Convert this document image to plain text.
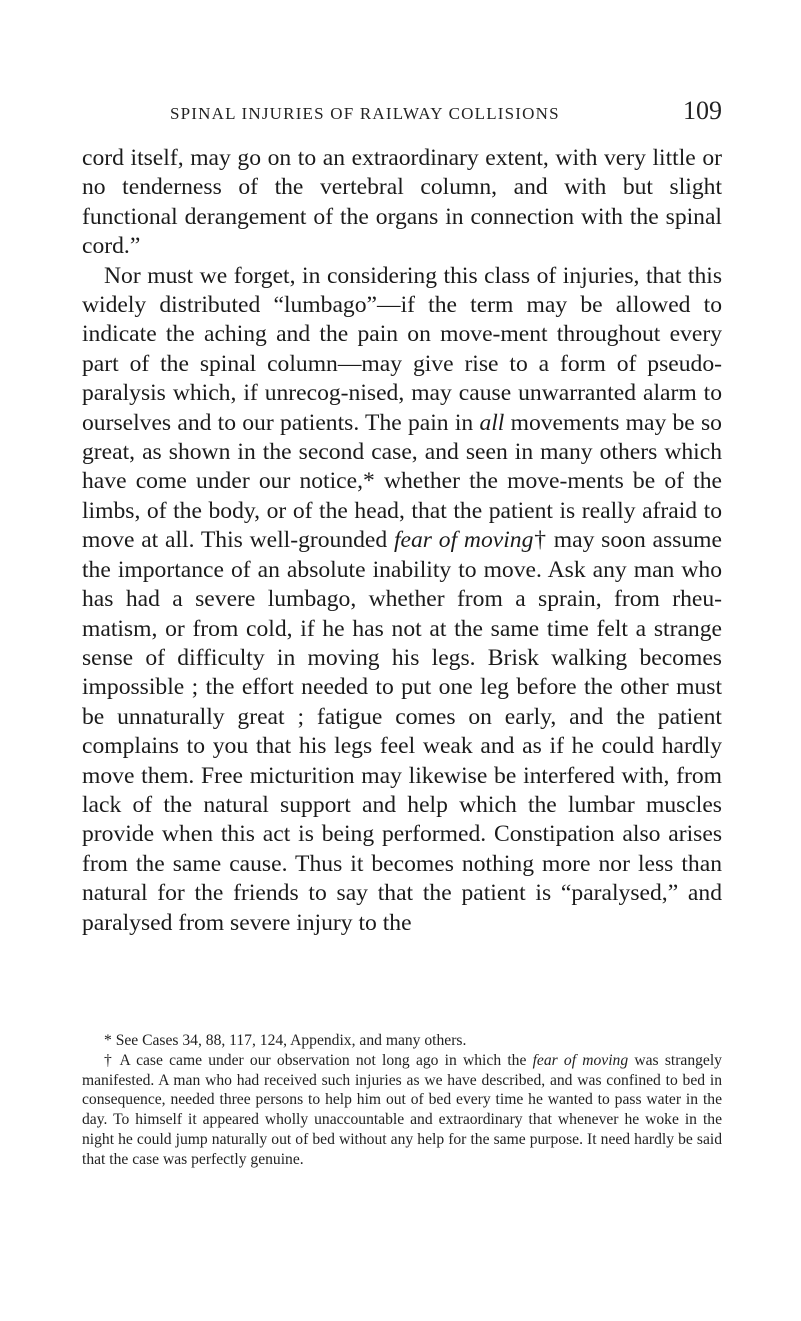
SPINAL INJURIES OF RAILWAY COLLISIONS	109

cord itself, may go on to an extraordinary extent, with very little or no tenderness of the vertebral column, and with but slight functional derangement of the organs in connection with the spinal cord.”

Nor must we forget, in considering this class of injuries, that this widely distributed “lumbago”—if the term may be allowed to indicate the aching and the pain on move-ment throughout every part of the spinal column—may give rise to a form of pseudo-paralysis which, if unrecog-nised, may cause unwarranted alarm to ourselves and to our patients. The pain in all movements may be so great, as shown in the second case, and seen in many others which have come under our notice,* whether the move-ments be of the limbs, of the body, or of the head, that the patient is really afraid to move at all. This well-grounded fear of moving† may soon assume the importance of an absolute inability to move. Ask any man who has had a severe lumbago, whether from a sprain, from rheu-matism, or from cold, if he has not at the same time felt a strange sense of difficulty in moving his legs. Brisk walking becomes impossible ; the effort needed to put one leg before the other must be unnaturally great ; fatigue comes on early, and the patient complains to you that his legs feel weak and as if he could hardly move them. Free micturition may likewise be interfered with, from lack of the natural support and help which the lumbar muscles provide when this act is being performed. Constipation also arises from the same cause. Thus it becomes nothing more nor less than natural for the friends to say that the patient is “paralysed,” and paralysed from severe injury to the

* See Cases 34, 88, 117, 124, Appendix, and many others.

† A case came under our observation not long ago in which the fear of moving was strangely manifested. A man who had received such injuries as we have described, and was confined to bed in consequence, needed three persons to help him out of bed every time he wanted to pass water in the day. To himself it appeared wholly unaccountable and extraordinary that whenever he woke in the night he could jump naturally out of bed without any help for the same purpose. It need hardly be said that the case was perfectly genuine.
